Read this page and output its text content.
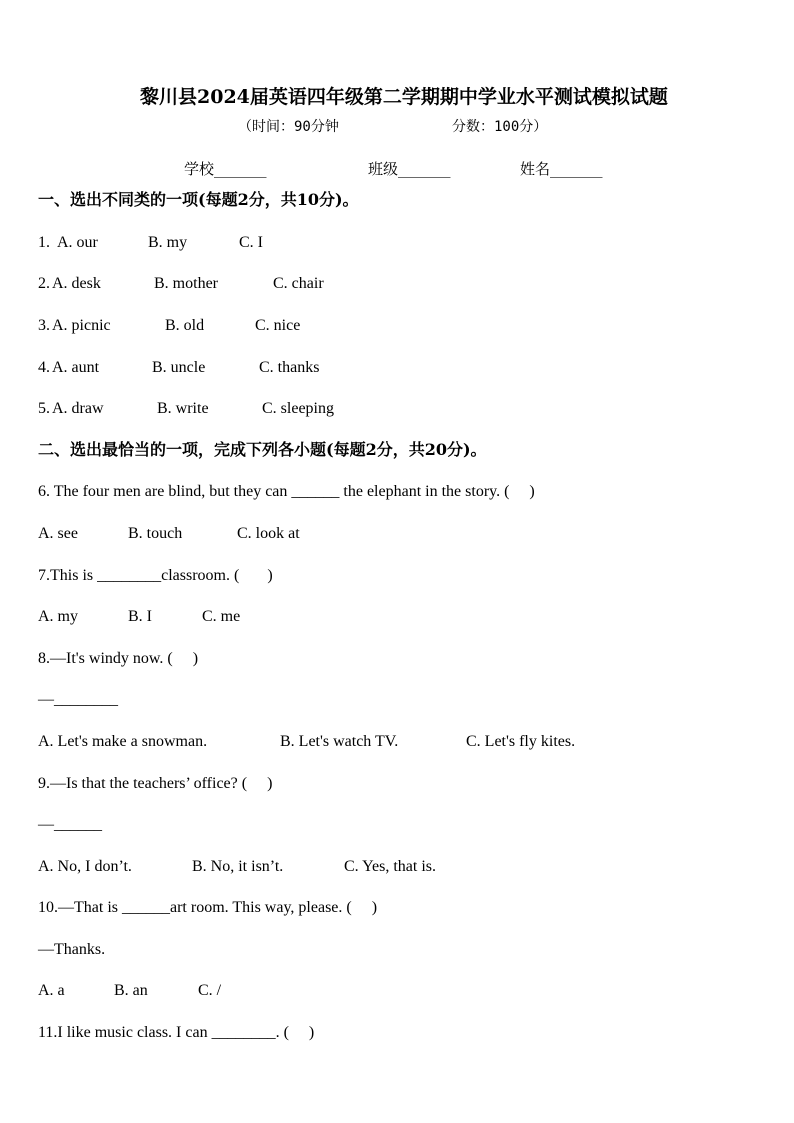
黎川县2024届英语四年级第二学期期中学业水平测试模拟试题
（时间：90分钟	分数：100分）
学校_______	班级_______	姓名_______
一、选出不同类的一项(每题2分，共10分)。
1. A. our	B. my	C. I
2. A. desk	B. mother	C. chair
3. A. picnic	B. old	C. nice
4. A. aunt	B. uncle	C. thanks
5. A. draw	B. write	C. sleeping
二、选出最恰当的一项，完成下列各小题(每题2分，共20分)。
6. The four men are blind, but they can ______ the elephant in the story. (     )
A. see	B. touch	C. look at
7.This is ________classroom. (       )
A. my	B. I	C. me
8.—It's windy now. (     )
—________
A. Let's make a snowman.	B. Let's watch TV.	C. Let's fly kites.
9.—Is that the teachers’ office? (     )
—______
A. No, I don’t.	B. No, it isn’t.	C. Yes, that is.
10.—That is ______art room. This way, please. (     )
—Thanks.
A. a	B. an	C. /
11.I like music class. I can ________. (     )
